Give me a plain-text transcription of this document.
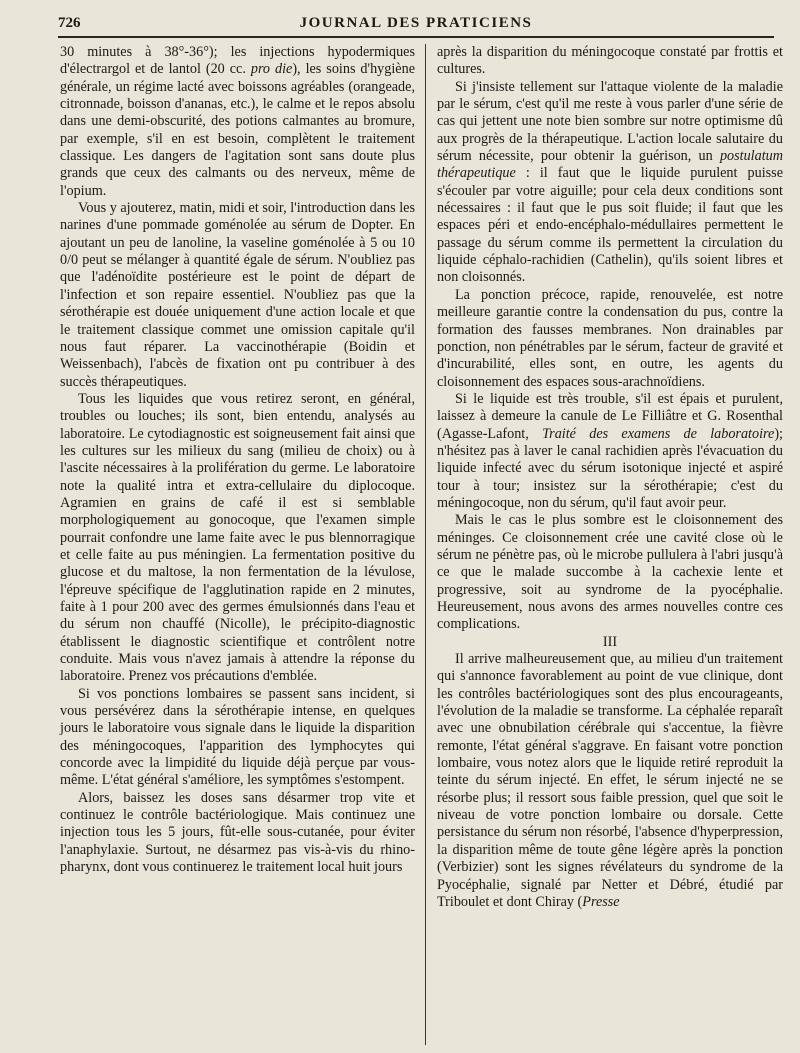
726	JOURNAL DES PRATICIENS

30 minutes à 38°-36°); les injections hypodermiques d'électrargol et de lantol (20 cc. pro die), les soins d'hygiène générale, un régime lacté avec boissons agréables (orangeade, citronnade, boisson d'ananas, etc.), le calme et le repos absolu dans une demi-obscurité, des potions calmantes au bromure, par exemple, s'il en est besoin, complètent le traitement classique. Les dangers de l'agitation sont sans doute plus grands que ceux des calmants ou des nerveux, même de l'opium.

Vous y ajouterez, matin, midi et soir, l'introduction dans les narines d'une pommade goménolée au sérum de Dopter. En ajoutant un peu de lanoline, la vaseline goménolée à 5 ou 10 0/0 peut se mélanger à quantité égale de sérum. N'oubliez pas que l'adénoïdite postérieure est le point de départ de l'infection et son repaire essentiel. N'oubliez pas que la sérothérapie est douée uniquement d'une action locale et que le traitement classique commet une omission capitale qu'il nous faut réparer. La vaccinothérapie (Boidin et Weissenbach), l'abcès de fixation ont pu contribuer à des succès thérapeutiques.

Tous les liquides que vous retirez seront, en général, troubles ou louches; ils sont, bien entendu, analysés au laboratoire. Le cytodiagnostic est soigneusement fait ainsi que les cultures sur les milieux du sang (milieu de choix) ou à l'ascite nécessaires à la prolifération du germe. Le laboratoire note la qualité intra et extra-cellulaire du diplocoque. Agramien en grains de café il est si semblable morphologiquement au gonocoque, que l'examen simple pourrait confondre une lame faite avec le pus blennorragique et celle faite au pus méningien. La fermentation positive du glucose et du maltose, la non fermentation de la lévulose, l'épreuve spécifique de l'agglutination rapide en 2 minutes, faite à 1 pour 200 avec des germes émulsionnés dans l'eau et du sérum non chauffé (Nicolle), le précipito-diagnostic établissent le diagnostic scientifique et contrôlent notre conduite. Mais vous n'avez jamais à attendre la réponse du laboratoire. Prenez vos précautions d'emblée.

Si vos ponctions lombaires se passent sans incident, si vous persévérez dans la sérothérapie intense, en quelques jours le laboratoire vous signale dans le liquide la disparition des méningocoques, l'apparition des lymphocytes qui concorde avec la limpidité du liquide déjà perçue par vous-même. L'état général s'améliore, les symptômes s'estompent.

Alors, baissez les doses sans désarmer trop vite et continuez le contrôle bactériologique. Mais continuez une injection tous les 5 jours, fût-elle sous-cutanée, pour éviter l'anaphylaxie. Surtout, ne désarmez pas vis-à-vis du rhino-pharynx, dont vous continuerez le traitement local huit jours

après la disparition du méningocoque constaté par frottis et cultures.

Si j'insiste tellement sur l'attaque violente de la maladie par le sérum, c'est qu'il me reste à vous parler d'une série de cas qui jettent une note bien sombre sur notre optimisme dû aux progrès de la thérapeutique. L'action locale salutaire du sérum nécessite, pour obtenir la guérison, un postulatum thérapeutique : il faut que le liquide purulent puisse s'écouler par votre aiguille; pour cela deux conditions sont nécessaires : il faut que le pus soit fluide; il faut que les espaces péri et endo-encéphalo-médullaires permettent le passage du sérum comme ils permettent la circulation du liquide céphalo-rachidien (Cathelin), qu'ils soient libres et non cloisonnés.

La ponction précoce, rapide, renouvelée, est notre meilleure garantie contre la condensation du pus, contre la formation des fausses membranes. Non drainables par ponction, non pénétrables par le sérum, facteur de gravité et d'incurabilité, elles sont, en outre, les agents du cloisonnement des espaces sous-arachnoïdiens.

Si le liquide est très trouble, s'il est épais et purulent, laissez à demeure la canule de Le Filliâtre et G. Rosenthal (Agasse-Lafont, Traité des examens de laboratoire); n'hésitez pas à laver le canal rachidien après l'évacuation du liquide infecté avec du sérum isotonique injecté et aspiré tour à tour; insistez sur la sérothérapie; c'est du méningocoque, non du sérum, qu'il faut avoir peur.

Mais le cas le plus sombre est le cloisonnement des méninges. Ce cloisonnement crée une cavité close où le sérum ne pénètre pas, où le microbe pullulera à l'abri jusqu'à ce que le malade succombe à la cachexie lente et progressive, soit au syndrome de la pyocéphalie. Heureusement, nous avons des armes nouvelles contre ces complications.

III

Il arrive malheureusement que, au milieu d'un traitement qui s'annonce favorablement au point de vue clinique, dont les contrôles bactériologiques sont des plus encourageants, l'évolution de la maladie se transforme. La céphalée reparaît avec une obnubilation cérébrale qui s'accentue, la fièvre remonte, l'état général s'aggrave. En faisant votre ponction lombaire, vous notez alors que le liquide retiré reproduit la teinte du sérum injecté. En effet, le sérum injecté ne se résorbe plus; il ressort sous faible pression, quel que soit le niveau de votre ponction lombaire ou dorsale. Cette persistance du sérum non résorbé, l'absence d'hyperpression, la disparition même de toute gêne légère après la ponction (Verbizier) sont les signes révélateurs du syndrome de la Pyocéphalie, signalé par Netter et Débré, étudié par Triboulet et dont Chiray (Presse
